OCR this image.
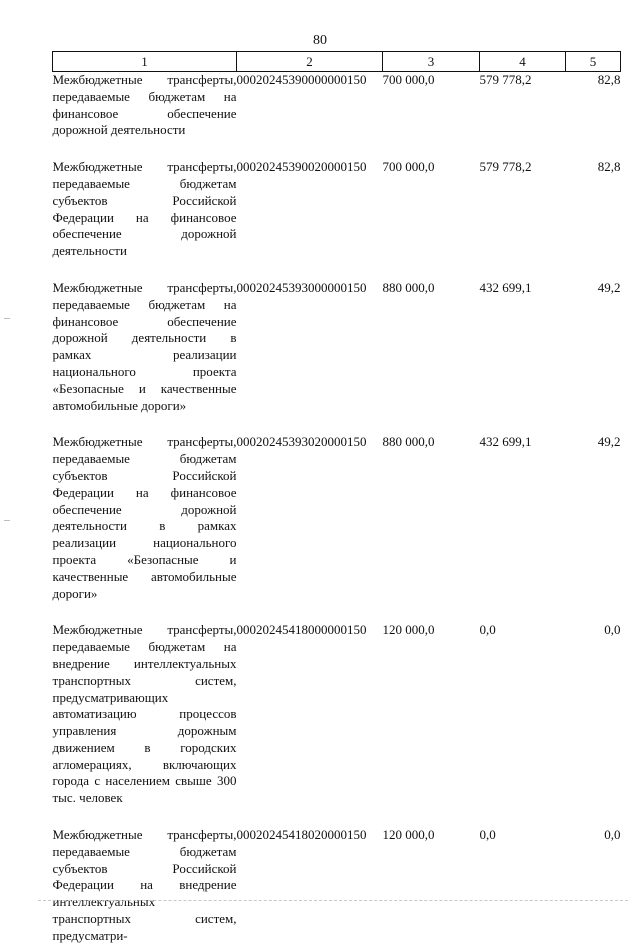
80
1	2	3	4	5
Межбюджетные трансферты, передаваемые бюджетам на финансовое обеспечение дорожной деятельности	00020245390000000150	700 000,0	579 778,2	82,8

Межбюджетные трансферты, передаваемые бюджетам субъектов Российской Федерации на финансовое обеспечение дорожной деятельности	00020245390020000150	700 000,0	579 778,2	82,8

Межбюджетные трансферты, передаваемые бюджетам на финансовое обеспечение дорожной деятельности в рамках реализации национального проекта «Безопасные и качественные автомобильные дороги»	00020245393000000150	880 000,0	432 699,1	49,2

Межбюджетные трансферты, передаваемые бюджетам субъектов Российской Федерации на финансовое обеспечение дорожной деятельности в рамках реализации национального проекта «Безопасные и качественные автомобильные дороги»	00020245393020000150	880 000,0	432 699,1	49,2

Межбюджетные трансферты, передаваемые бюджетам на внедрение интеллектуальных транспортных систем, предусматривающих автоматизацию процессов управления дорожным движением в городских агломерациях, включающих города с населением свыше 300 тыс. человек	00020245418000000150	120 000,0	0,0	0,0

Межбюджетные трансферты, передаваемые бюджетам субъектов Российской Федерации на внедрение интеллектуальных транспортных систем, предусматри-	00020245418020000150	120 000,0	0,0	0,0
